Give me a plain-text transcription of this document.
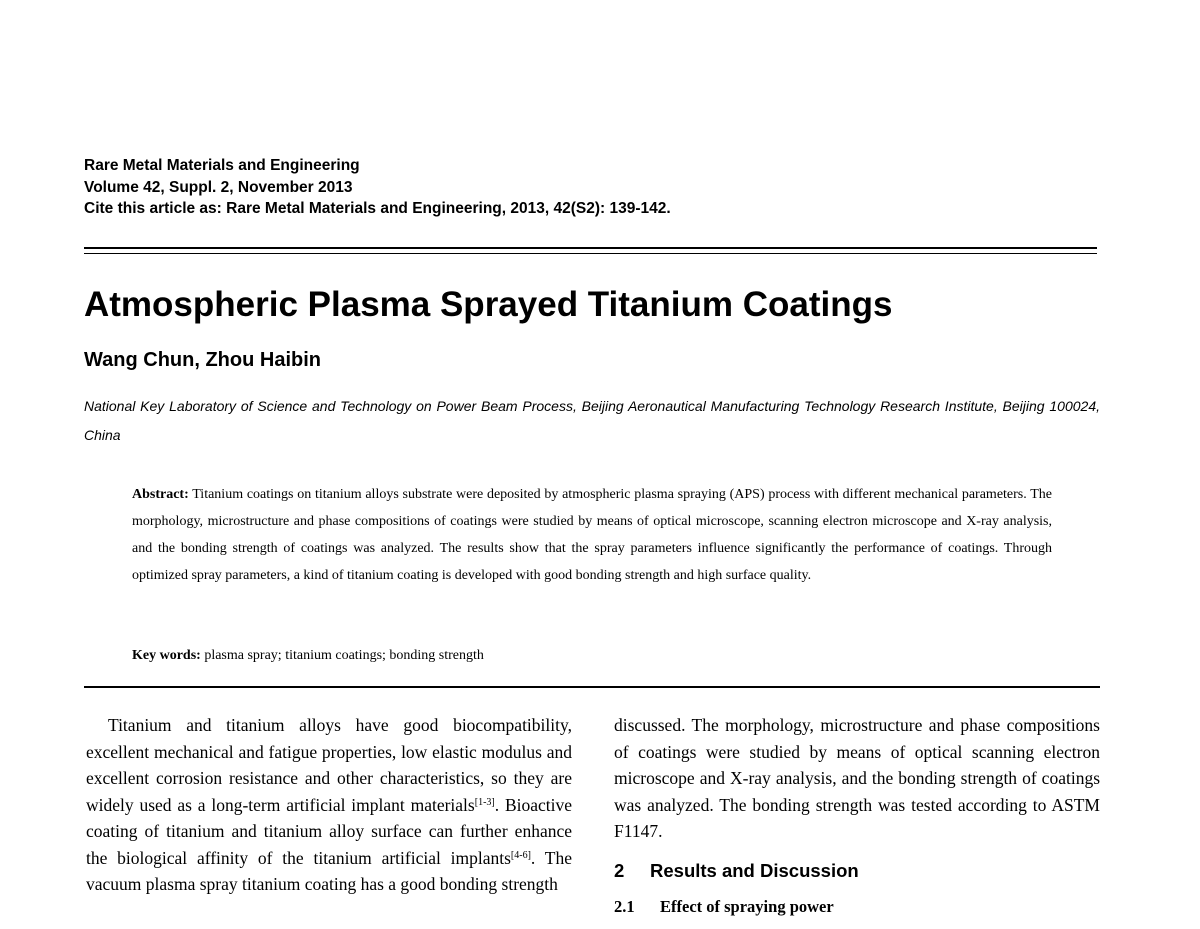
Rare Metal Materials and Engineering
Volume 42, Suppl. 2, November 2013
Cite this article as: Rare Metal Materials and Engineering, 2013, 42(S2): 139-142.
Atmospheric Plasma Sprayed Titanium Coatings
Wang Chun, Zhou Haibin
National Key Laboratory of Science and Technology on Power Beam Process, Beijing Aeronautical Manufacturing Technology Research Institute, Beijing 100024, China
Abstract: Titanium coatings on titanium alloys substrate were deposited by atmospheric plasma spraying (APS) process with different mechanical parameters. The morphology, microstructure and phase compositions of coatings were studied by means of optical microscope, scanning electron microscope and X-ray analysis, and the bonding strength of coatings was analyzed. The results show that the spray parameters influence significantly the performance of coatings. Through optimized spray parameters, a kind of titanium coating is developed with good bonding strength and high surface quality.
Key words: plasma spray; titanium coatings; bonding strength

Titanium and titanium alloys have good biocompatibility, excellent mechanical and fatigue properties, low elastic modulus and excellent corrosion resistance and other characteristics, so they are widely used as a long-term artificial implant materials[1-3]. Bioactive coating of titanium and titanium alloy surface can further enhance the biological affinity of the titanium artificial implants[4-6]. The vacuum plasma spray titanium coating has a good bonding strength

discussed. The morphology, microstructure and phase compositions of coatings were studied by means of optical scanning electron microscope and X-ray analysis, and the bonding strength of coatings was analyzed. The bonding strength was tested according to ASTM F1147.

2 Results and Discussion
2.1 Effect of spraying power
